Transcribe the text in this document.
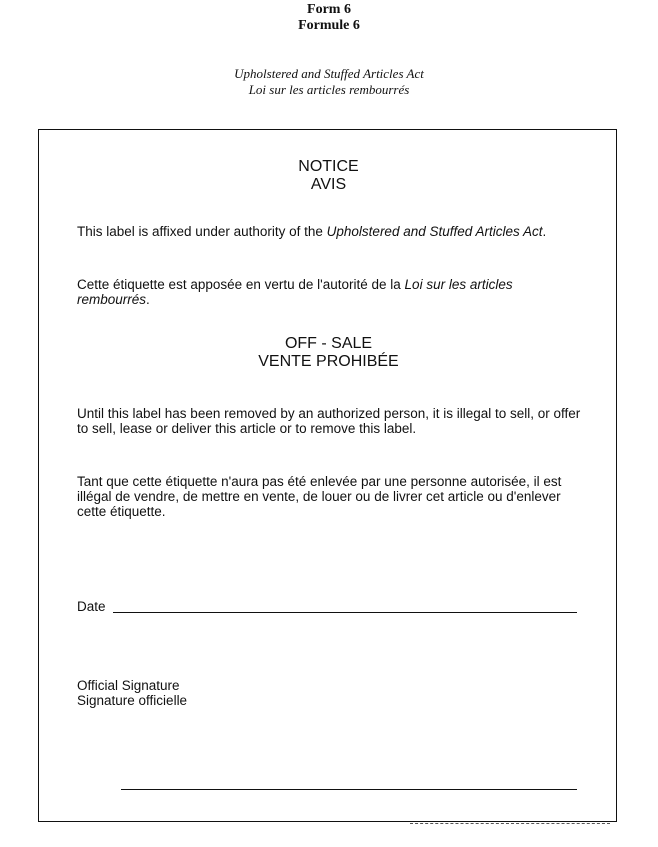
Form 6
Formule 6
Upholstered and Stuffed Articles Act
Loi sur les articles rembourrés
NOTICE
AVIS
This label is affixed under authority of the Upholstered and Stuffed Articles Act.
Cette étiquette est apposée en vertu de l'autorité de la Loi sur les articles rembourrés.
OFF - SALE
VENTE PROHIBÉE
Until this label has been removed by an authorized person, it is illegal to sell, or offer to sell, lease or deliver this article or to remove this label.
Tant que cette étiquette n'aura pas été enlevée par une personne autorisée, il est illégal de vendre, de mettre en vente, de louer ou de livrer cet article ou d'enlever cette étiquette.
Date
Official Signature
Signature officielle
